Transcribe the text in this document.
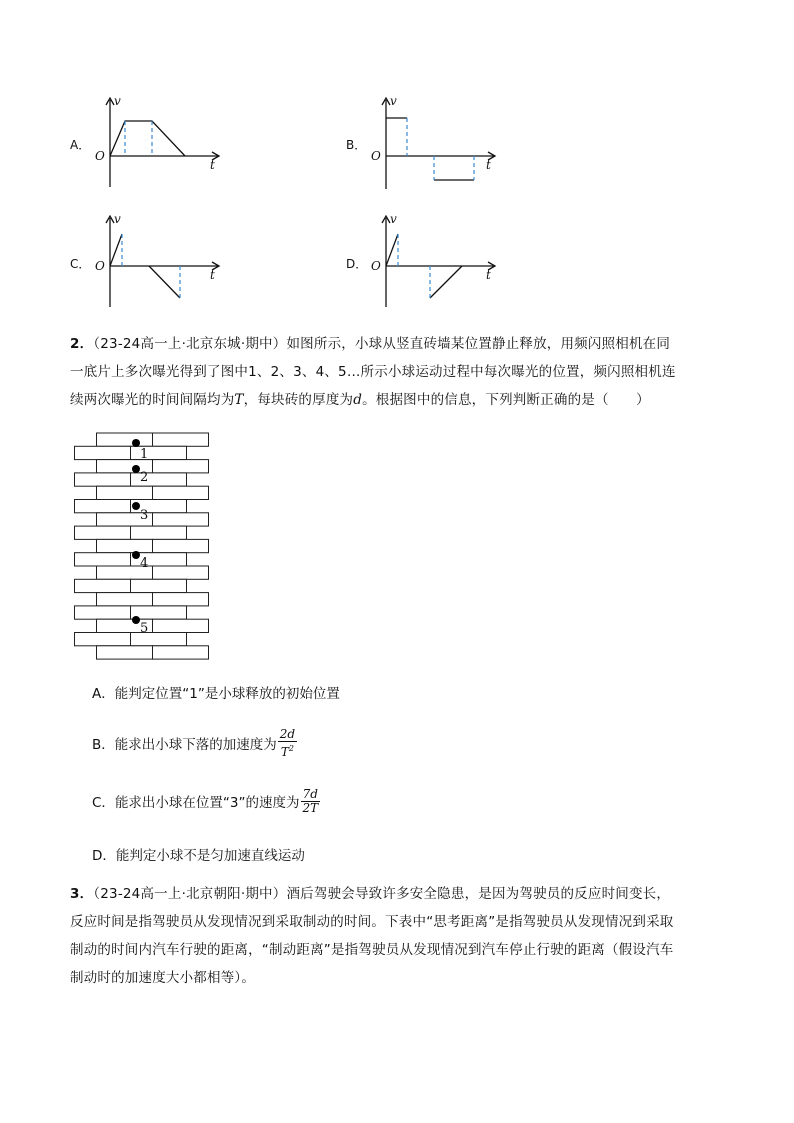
A．
O
v
t
B．
O
v
t
C． O
v
t
D． O
v
t
2．（23-24高一上·北京东城·期中）如图所示，小球从竖直砖墙某位置静止释放，用频闪照相机在同
一底片上多次曝光得到了图中1、2、3、4、5…所示小球运动过程中每次曝光的位置，频闪照相机连
续两次曝光的时间间隔均为T，每块砖的厚度为d。根据图中的信息，下列判断正确的是（　　）
1
2
3
4
5
A．能判定位置“1”是小球释放的初始位置
B． 能求出小球下落的加速度为 $\frac{2d}{T^2}$
C． 能求出小球在位置“3”的速度为 $\frac{7d}{2T}$
D．能判定小球不是匀加速直线运动
3．（23-24高一上·北京朝阳·期中）酒后驾驶会导致许多安全隐患，是因为驾驶员的反应时间变长，
反应时间是指驾驶员从发现情况到采取制动的时间。下表中“思考距离”是指驾驶员从发现情况到采取
制动的时间内汽车行驶的距离，“制动距离”是指驾驶员从发现情况到汽车停止行驶的距离（假设汽车
制动时的加速度大小都相等）。
